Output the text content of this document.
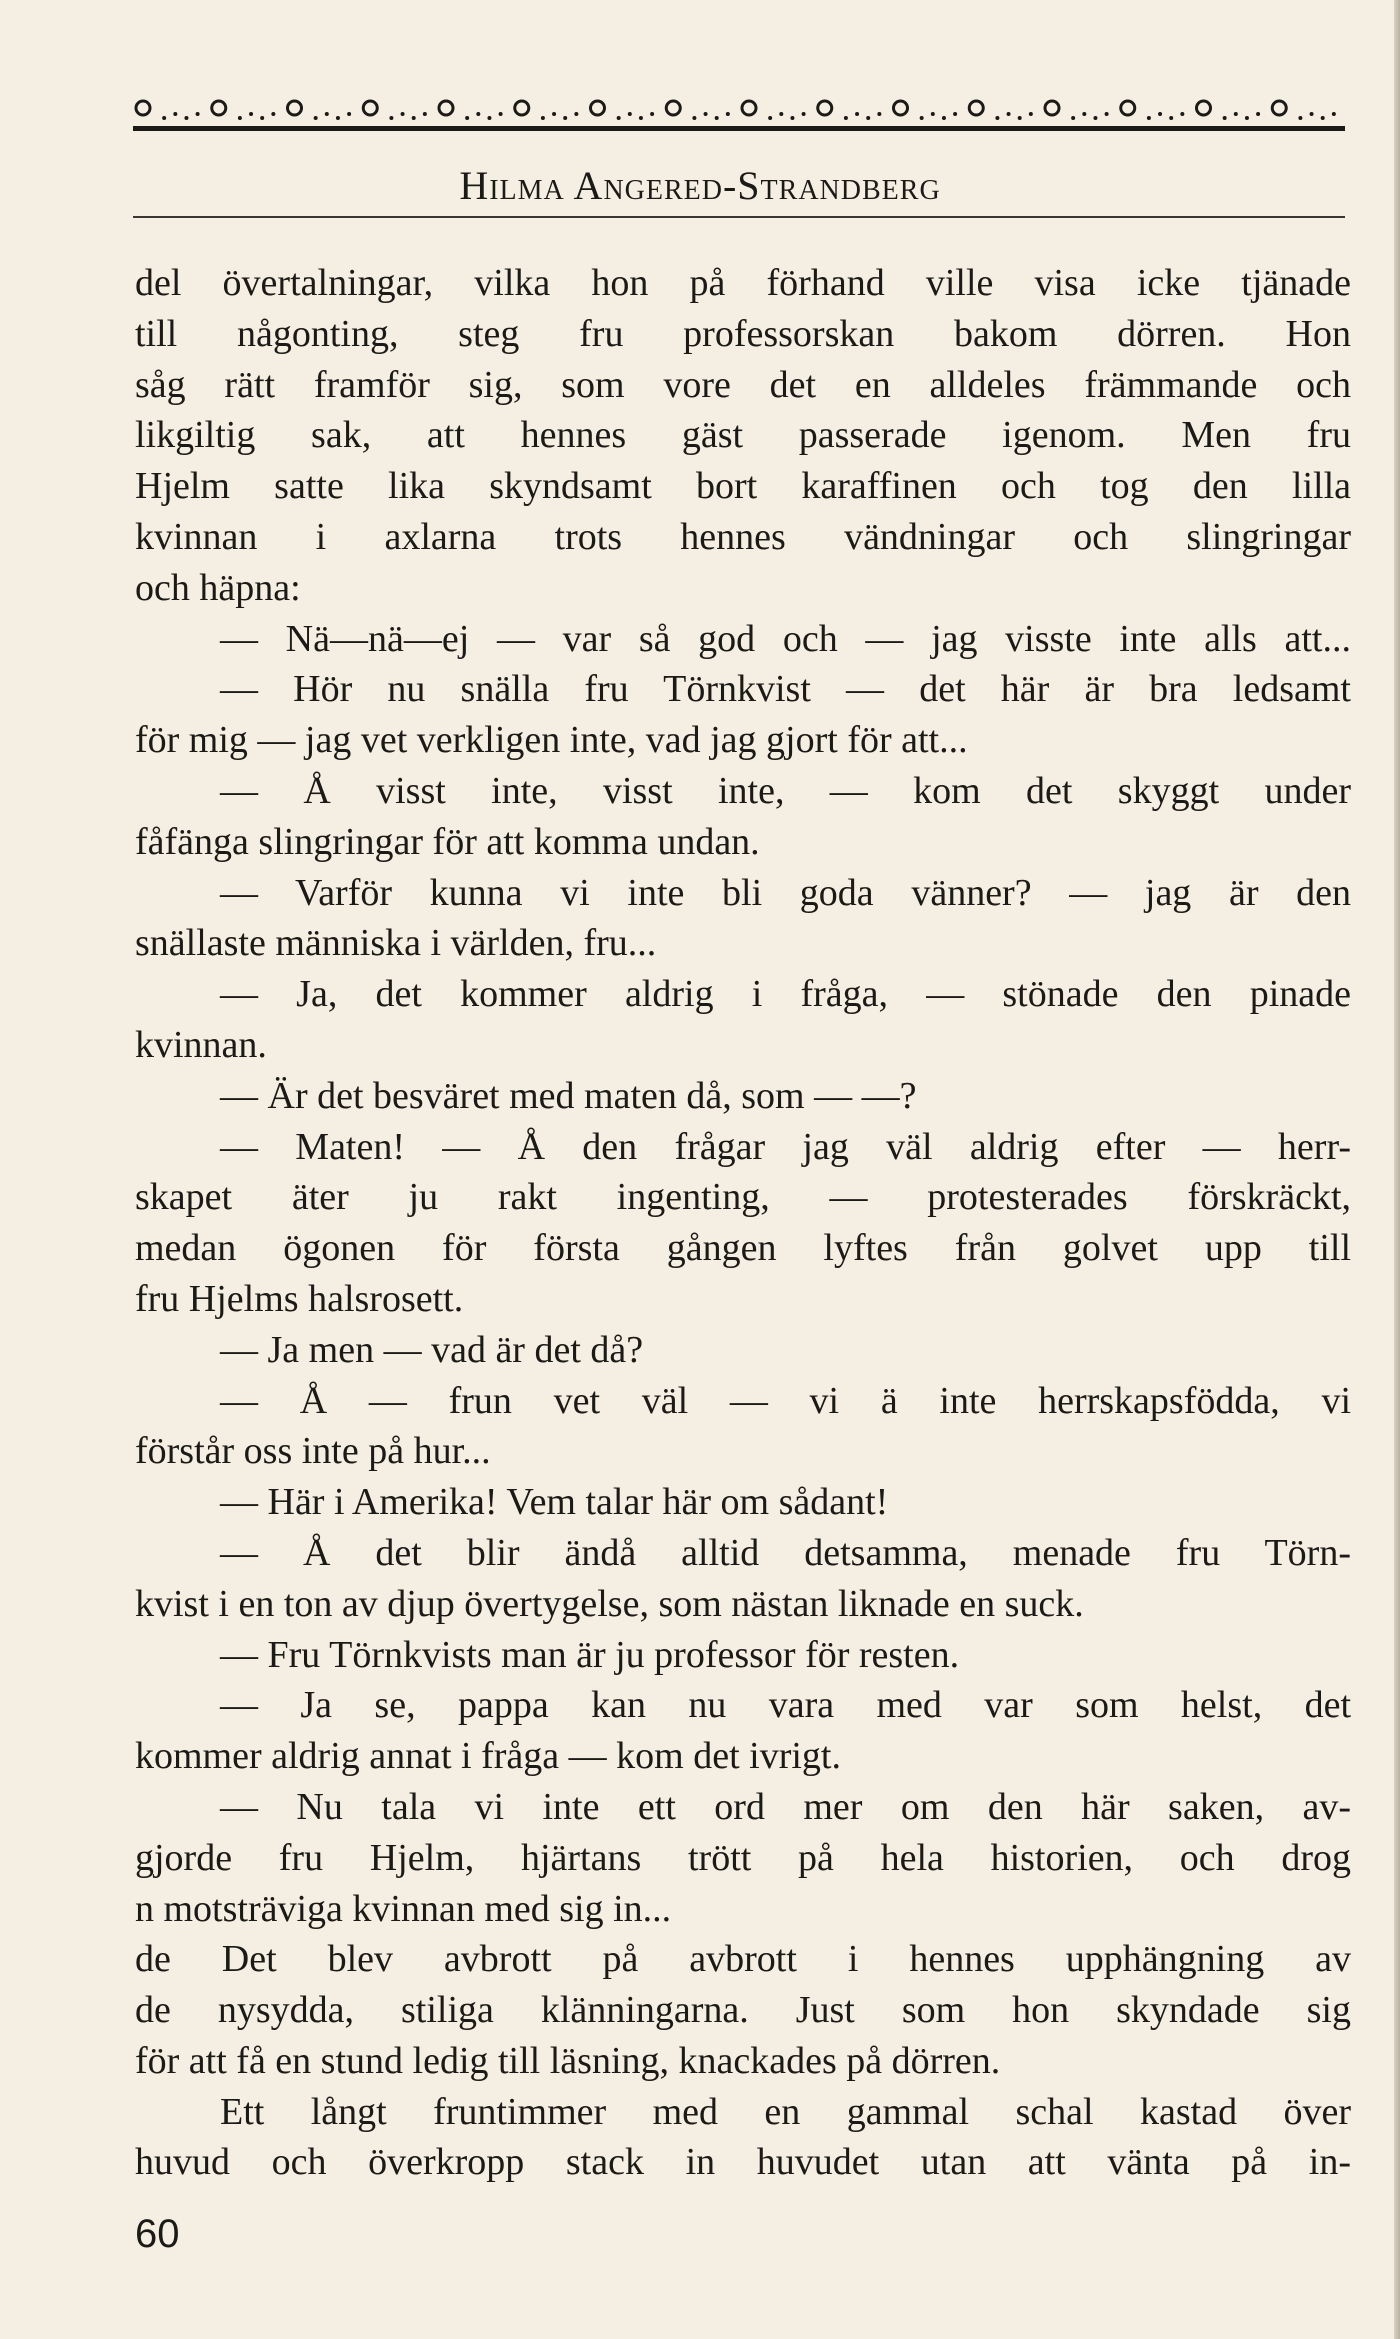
Hilma Angered-Strandberg
del övertalningar, vilka hon på förhand ville visa icke tjänade
till någonting, steg fru professorskan bakom dörren. Hon
såg rätt framför sig, som vore det en alldeles främmande och
likgiltig sak, att hennes gäst passerade igenom. Men fru
Hjelm satte lika skyndsamt bort karaffinen och tog den lilla
kvinnan i axlarna trots hennes vändningar och slingringar
och häpna:
— Nä—nä—ej — var så god och — jag visste inte alls att...
— Hör nu snälla fru Törnkvist — det här är bra ledsamt
för mig — jag vet verkligen inte, vad jag gjort för att...
— Å visst inte, visst inte, — kom det skyggt under
fåfänga slingringar för att komma undan.
— Varför kunna vi inte bli goda vänner? — jag är den
snällaste människa i världen, fru...
— Ja, det kommer aldrig i fråga, — stönade den pinade
kvinnan.
— Är det besväret med maten då, som — —?
— Maten! — Å den frågar jag väl aldrig efter — herr-
skapet äter ju rakt ingenting, — protesterades förskräckt,
medan ögonen för första gången lyftes från golvet upp till
fru Hjelms halsrosett.
— Ja men — vad är det då?
— Å — frun vet väl — vi ä inte herrskapsfödda, vi
förstår oss inte på hur...
— Här i Amerika! Vem talar här om sådant!
— Å det blir ändå alltid detsamma, menade fru Törn-
kvist i en ton av djup övertygelse, som nästan liknade en suck.
— Fru Törnkvists man är ju professor för resten.
— Ja se, pappa kan nu vara med var som helst, det
kommer aldrig annat i fråga — kom det ivrigt.
— Nu tala vi inte ett ord mer om den här saken, av-
gjorde fru Hjelm, hjärtans trött på hela historien, och drog
n motsträviga kvinnan med sig in...
de Det blev avbrott på avbrott i hennes upphängning av
de nysydda, stiliga klänningarna. Just som hon skyndade sig
för att få en stund ledig till läsning, knackades på dörren.
Ett långt fruntimmer med en gammal schal kastad över
huvud och överkropp stack in huvudet utan att vänta på in-
60
